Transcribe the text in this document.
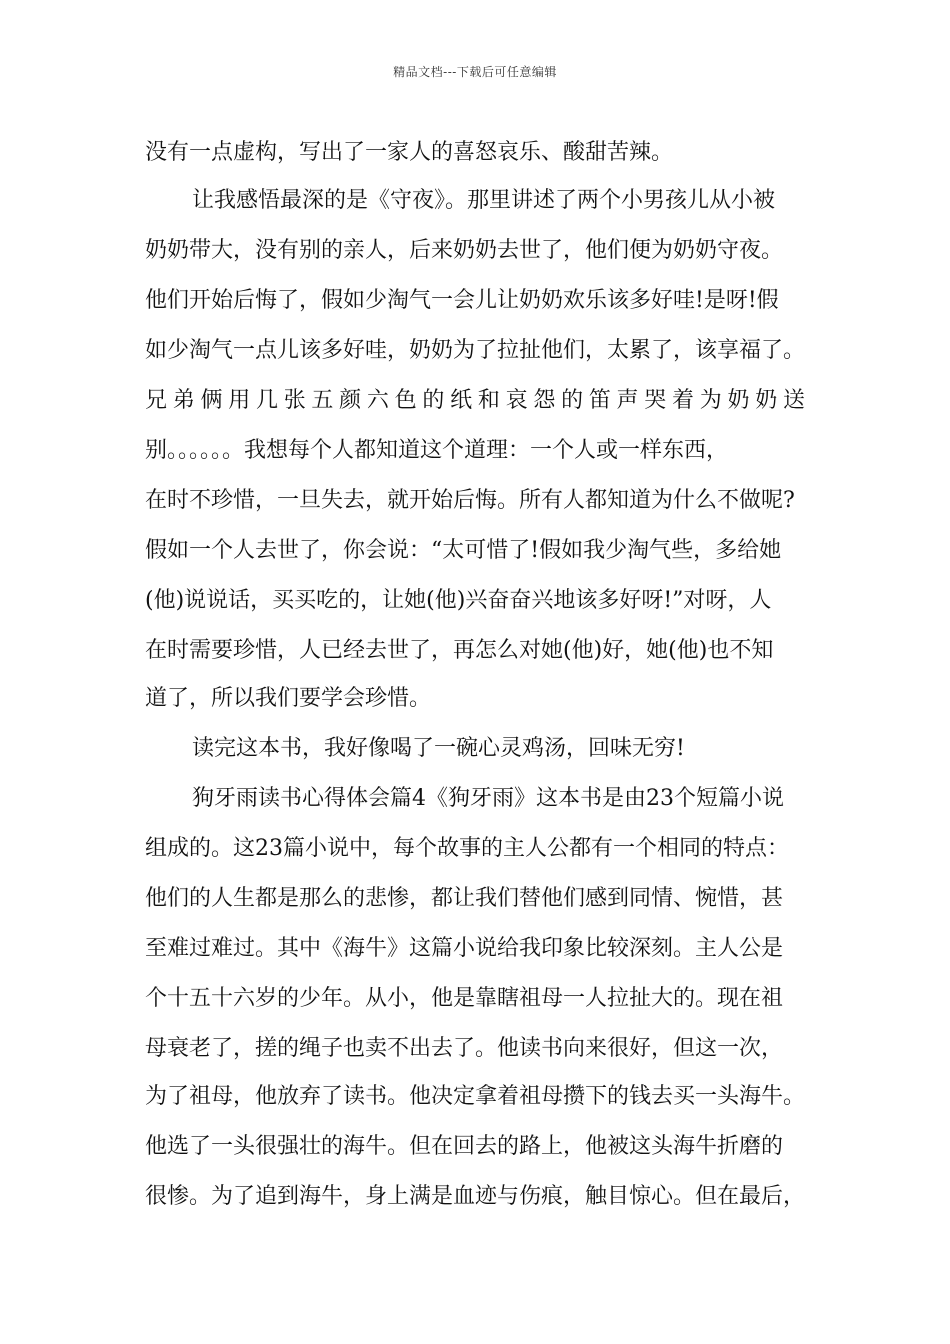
精品文档---下载后可任意编辑
没有一点虚构，写出了一家人的喜怒哀乐、酸甜苦辣。
让我感悟最深的是《守夜》。那里讲述了两个小男孩儿从小被
奶奶带大，没有别的亲人，后来奶奶去世了，他们便为奶奶守夜。
他们开始后悔了，假如少淘气一会儿让奶奶欢乐该多好哇!是呀!假
如少淘气一点儿该多好哇，奶奶为了拉扯他们，太累了，该享福了。
兄弟俩用几张五颜六色的纸和哀怨的笛声哭着为奶奶送
别。。。。。。我想每个人都知道这个道理：一个人或一样东西，
在时不珍惜，一旦失去，就开始后悔。所有人都知道为什么不做呢?
假如一个人去世了，你会说：“太可惜了!假如我少淘气些，多给她
(他)说说话，买买吃的，让她(他)兴奋奋兴地该多好呀!”对呀，人
在时需要珍惜，人已经去世了，再怎么对她(他)好，她(他)也不知
道了，所以我们要学会珍惜。
读完这本书，我好像喝了一碗心灵鸡汤，回味无穷!
狗牙雨读书心得体会篇4《狗牙雨》这本书是由23个短篇小说
组成的。这23篇小说中，每个故事的主人公都有一个相同的特点：
他们的人生都是那么的悲惨，都让我们替他们感到同情、惋惜，甚
至难过难过。其中《海牛》这篇小说给我印象比较深刻。主人公是
个十五十六岁的少年。从小，他是靠瞎祖母一人拉扯大的。现在祖
母衰老了，搓的绳子也卖不出去了。他读书向来很好，但这一次，
为了祖母，他放弃了读书。他决定拿着祖母攒下的钱去买一头海牛。
他选了一头很强壮的海牛。但在回去的路上，他被这头海牛折磨的
很惨。为了追到海牛，身上满是血迹与伤痕，触目惊心。但在最后，
